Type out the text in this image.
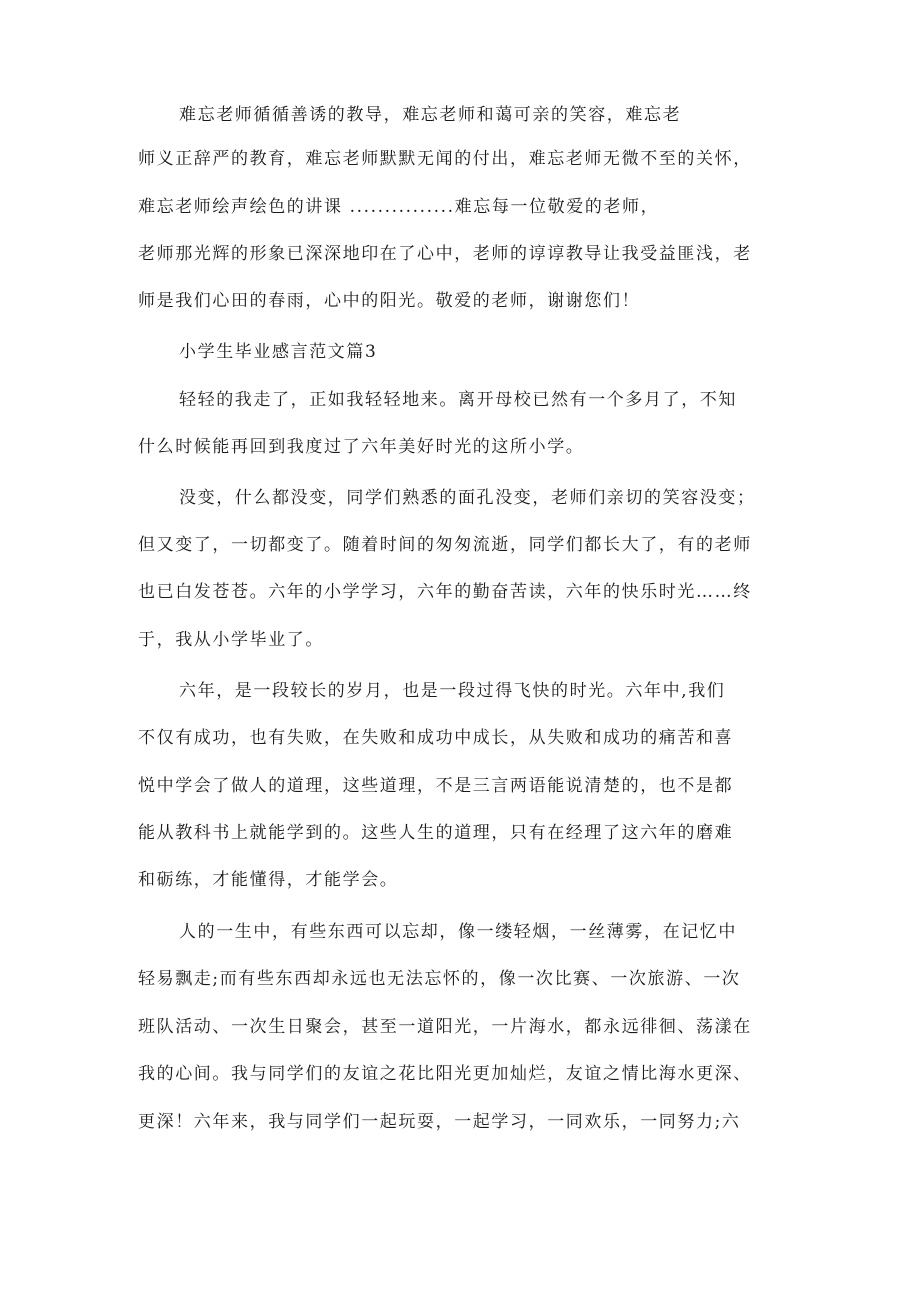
难忘老师循循善诱的教导，难忘老师和蔼可亲的笑容，难忘老

师义正辞严的教育，难忘老师默默无闻的付出，难忘老师无微不至的关怀，

难忘老师绘声绘色的讲课 ...............难忘每一位敬爱的老师，

老师那光辉的形象已深深地印在了心中，老师的谆谆教导让我受益匪浅，老

师是我们心田的春雨，心中的阳光。敬爱的老师，谢谢您们！

小学生毕业感言范文篇3

轻轻的我走了，正如我轻轻地来。离开母校已然有一个多月了，不知

什么时候能再回到我度过了六年美好时光的这所小学。

没变，什么都没变，同学们熟悉的面孔没变，老师们亲切的笑容没变；

但又变了，一切都变了。随着时间的匆匆流逝，同学们都长大了，有的老师

也已白发苍苍。六年的小学学习，六年的勤奋苦读，六年的快乐时光……终

于，我从小学毕业了。

六年，是一段较长的岁月，也是一段过得飞快的时光。六年中,我们

不仅有成功，也有失败，在失败和成功中成长，从失败和成功的痛苦和喜

悦中学会了做人的道理，这些道理，不是三言两语能说清楚的，也不是都

能从教科书上就能学到的。这些人生的道理，只有在经理了这六年的磨难

和砺练，才能懂得，才能学会。

人的一生中，有些东西可以忘却，像一缕轻烟，一丝薄雾，在记忆中

轻易飘走;而有些东西却永远也无法忘怀的，像一次比赛、一次旅游、一次

班队活动、一次生日聚会，甚至一道阳光，一片海水，都永远徘徊、荡漾在

我的心间。我与同学们的友谊之花比阳光更加灿烂，友谊之情比海水更深、

更深！六年来，我与同学们一起玩耍，一起学习，一同欢乐，一同努力;六
